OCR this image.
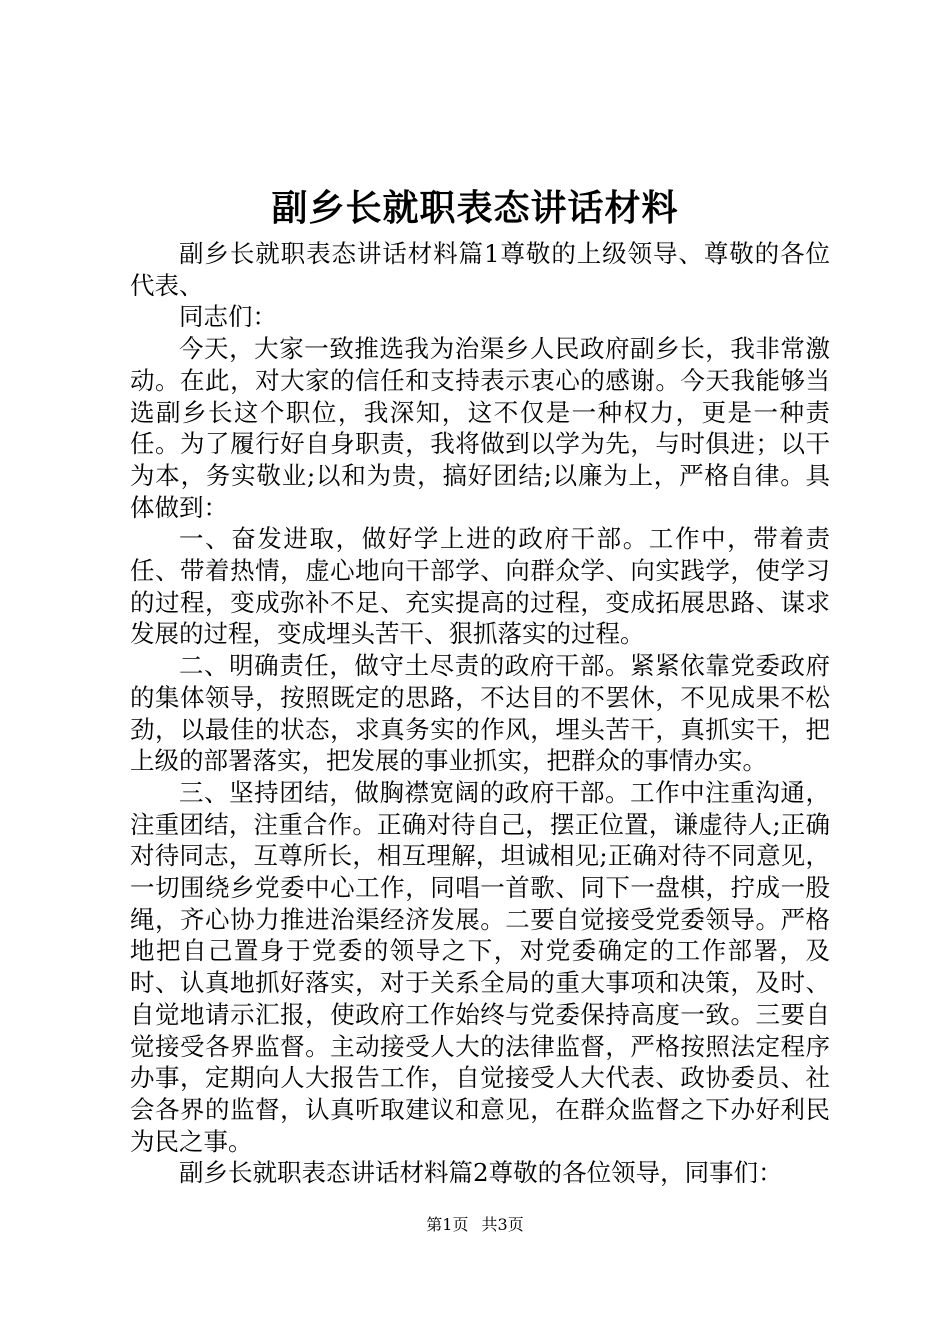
副乡长就职表态讲话材料

副乡长就职表态讲话材料篇1尊敬的上级领导、尊敬的各位代表、

同志们：

今天，大家一致推选我为治渠乡人民政府副乡长，我非常激动。在此，对大家的信任和支持表示衷心的感谢。今天我能够当选副乡长这个职位，我深知，这不仅是一种权力，更是一种责任。为了履行好自身职责，我将做到以学为先，与时俱进；以干为本，务实敬业;以和为贵，搞好团结;以廉为上，严格自律。具体做到：

一、奋发进取，做好学上进的政府干部。工作中，带着责任、带着热情，虚心地向干部学、向群众学、向实践学，使学习的过程，变成弥补不足、充实提高的过程，变成拓展思路、谋求发展的过程，变成埋头苦干、狠抓落实的过程。

二、明确责任，做守土尽责的政府干部。紧紧依靠党委政府的集体领导，按照既定的思路，不达目的不罢休，不见成果不松劲，以最佳的状态，求真务实的作风，埋头苦干，真抓实干，把上级的部署落实，把发展的事业抓实，把群众的事情办实。

三、坚持团结，做胸襟宽阔的政府干部。工作中注重沟通，注重团结，注重合作。正确对待自己，摆正位置，谦虚待人;正确对待同志，互尊所长，相互理解，坦诚相见;正确对待不同意见，一切围绕乡党委中心工作，同唱一首歌、同下一盘棋，拧成一股绳，齐心协力推进治渠经济发展。二要自觉接受党委领导。严格地把自己置身于党委的领导之下，对党委确定的工作部署，及时、认真地抓好落实，对于关系全局的重大事项和决策，及时、自觉地请示汇报，使政府工作始终与党委保持高度一致。三要自觉接受各界监督。主动接受人大的法律监督，严格按照法定程序办事，定期向人大报告工作，自觉接受人大代表、政协委员、社会各界的监督，认真听取建议和意见，在群众监督之下办好利民为民之事。

副乡长就职表态讲话材料篇2尊敬的各位领导，同事们：

第1页 共3页
